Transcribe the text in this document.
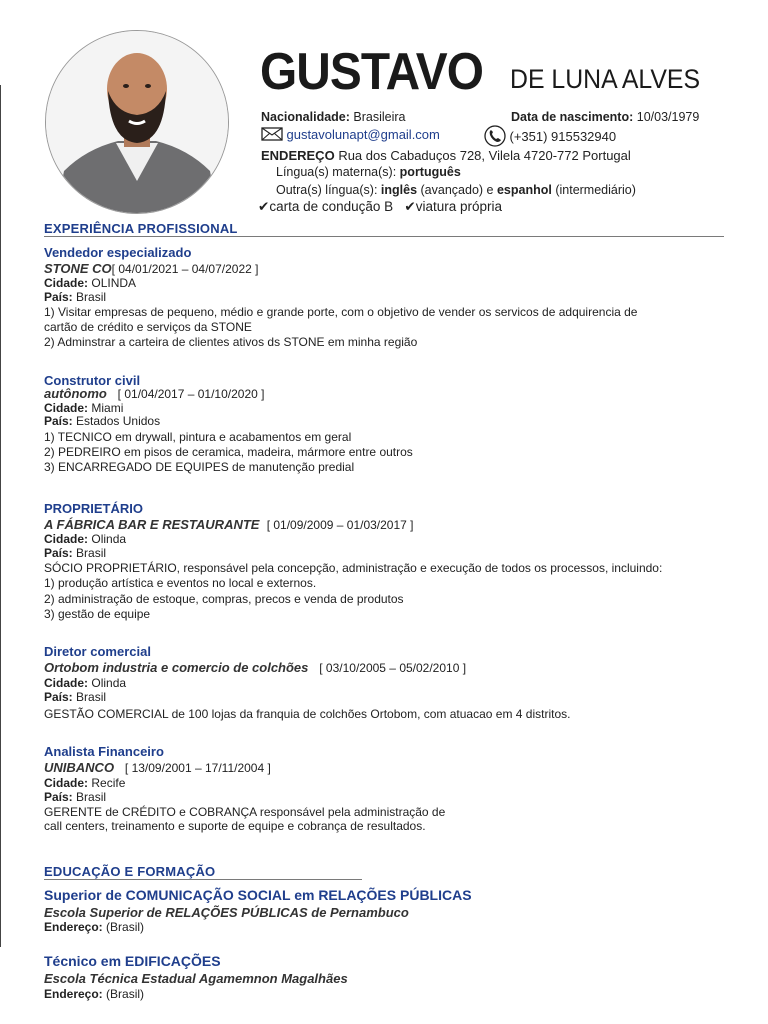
GUSTAVO DE LUNA ALVES
Nacionalidade: Brasileira	Data de nascimento: 10/03/1979
gustavolunapt@gmail.com	(+351) 915532940
ENDEREÇO Rua dos Cabaduços 728, Vilela 4720-772 Portugal
Língua(s) materna(s): português
Outra(s) língua(s): inglês (avançado) e espanhol (intermediário)
✔carta de condução B ✔viatura própria
EXPERIÊNCIA PROFISSIONAL
Vendedor especializado
STONE CO[ 04/01/2021 – 04/07/2022 ]
Cidade: OLINDA
País: Brasil
1) Visitar empresas de pequeno, médio e grande porte, com o objetivo de vender os servicos de adquirencia de
cartão de crédito e serviços da STONE
2) Adminstrar a carteira de clientes ativos ds STONE em minha região
Construtor civil
autônomo [ 01/04/2017 – 01/10/2020 ]
Cidade: Miami
País: Estados Unidos
1) TECNICO em drywall, pintura e acabamentos em geral
2) PEDREIRO em pisos de ceramica, madeira, mármore entre outros
3) ENCARREGADO DE EQUIPES de manutenção predial
PROPRIETÁRIO
A FÁBRICA BAR E RESTAURANTE [ 01/09/2009 – 01/03/2017 ]
Cidade: Olinda
País: Brasil
SÓCIO PROPRIETÁRIO, responsável pela concepção, administração e execução de todos os processos, incluindo:
1) produção artística e eventos no local e externos.
2) administração de estoque, compras, precos e venda de produtos
3) gestão de equipe
Diretor comercial
Ortobom industria e comercio de colchões [ 03/10/2005 – 05/02/2010 ]
Cidade: Olinda
País: Brasil
GESTÃO COMERCIAL de 100 lojas da franquia de colchões Ortobom, com atuacao em 4 distritos.
Analista Financeiro
UNIBANCO [ 13/09/2001 – 17/11/2004 ]
Cidade: Recife
País: Brasil
GERENTE de CRÉDITO e COBRANÇA responsável pela administração de
call centers, treinamento e suporte de equipe e cobrança de resultados.
EDUCAÇÃO E FORMAÇÃO
Superior de COMUNICAÇÃO SOCIAL em RELAÇÕES PÚBLICAS
Escola Superior de RELAÇÕES PÚBLICAS de Pernambuco
Endereço: (Brasil)
Técnico em EDIFICAÇÕES
Escola Técnica Estadual Agamemnon Magalhães
Endereço: (Brasil)
